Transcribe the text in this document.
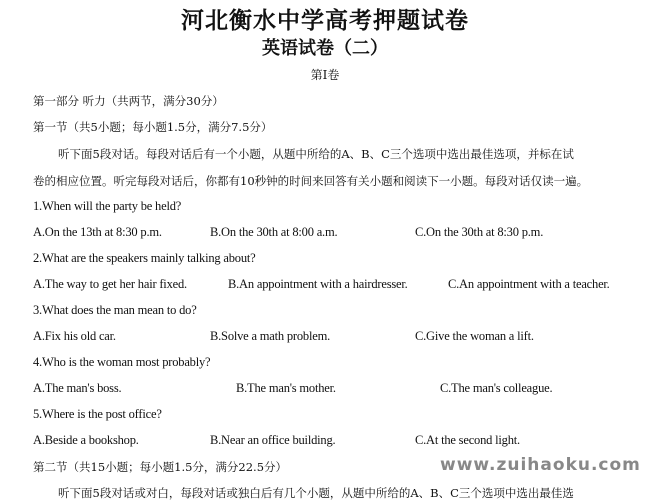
河北衡水中学高考押题试卷
英语试卷（二）
第Ⅰ卷
第一部分 听力（共两节，满分30分）
第一节（共5小题；每小题1.5分，满分7.5分）
听下面5段对话。每段对话后有一个小题，从题中所给的A、B、C三个选项中选出最佳选项，并标在试
卷的相应位置。听完每段对话后，你都有10秒钟的时间来回答有关小题和阅读下一小题。每段对话仅读一遍。
1.When will the party be held?
A.On the 13th at 8:30 p.m.	B.On the 30th at 8:00 a.m.	C.On the 30th at 8:30 p.m.
2.What are the speakers mainly talking about?
A.The way to get her hair fixed.	B.An appointment with a hairdresser.	C.An appointment with a teacher.
3.What does the man mean to do?
A.Fix his old car.	B.Solve a math problem.	C.Give the woman a lift.
4.Who is the woman most probably?
A.The man's boss.	B.The man's mother.	C.The man's colleague.
5.Where is the post office?
A.Beside a bookshop.	B.Near an office building.	C.At the second light.
第二节（共15小题；每小题1.5分，满分22.5分）	www.zuihaoku.com
听下面5段对话或对白，每段对话或独白后有几个小题，从题中所给的A、B、C三个选项中选出最佳选
